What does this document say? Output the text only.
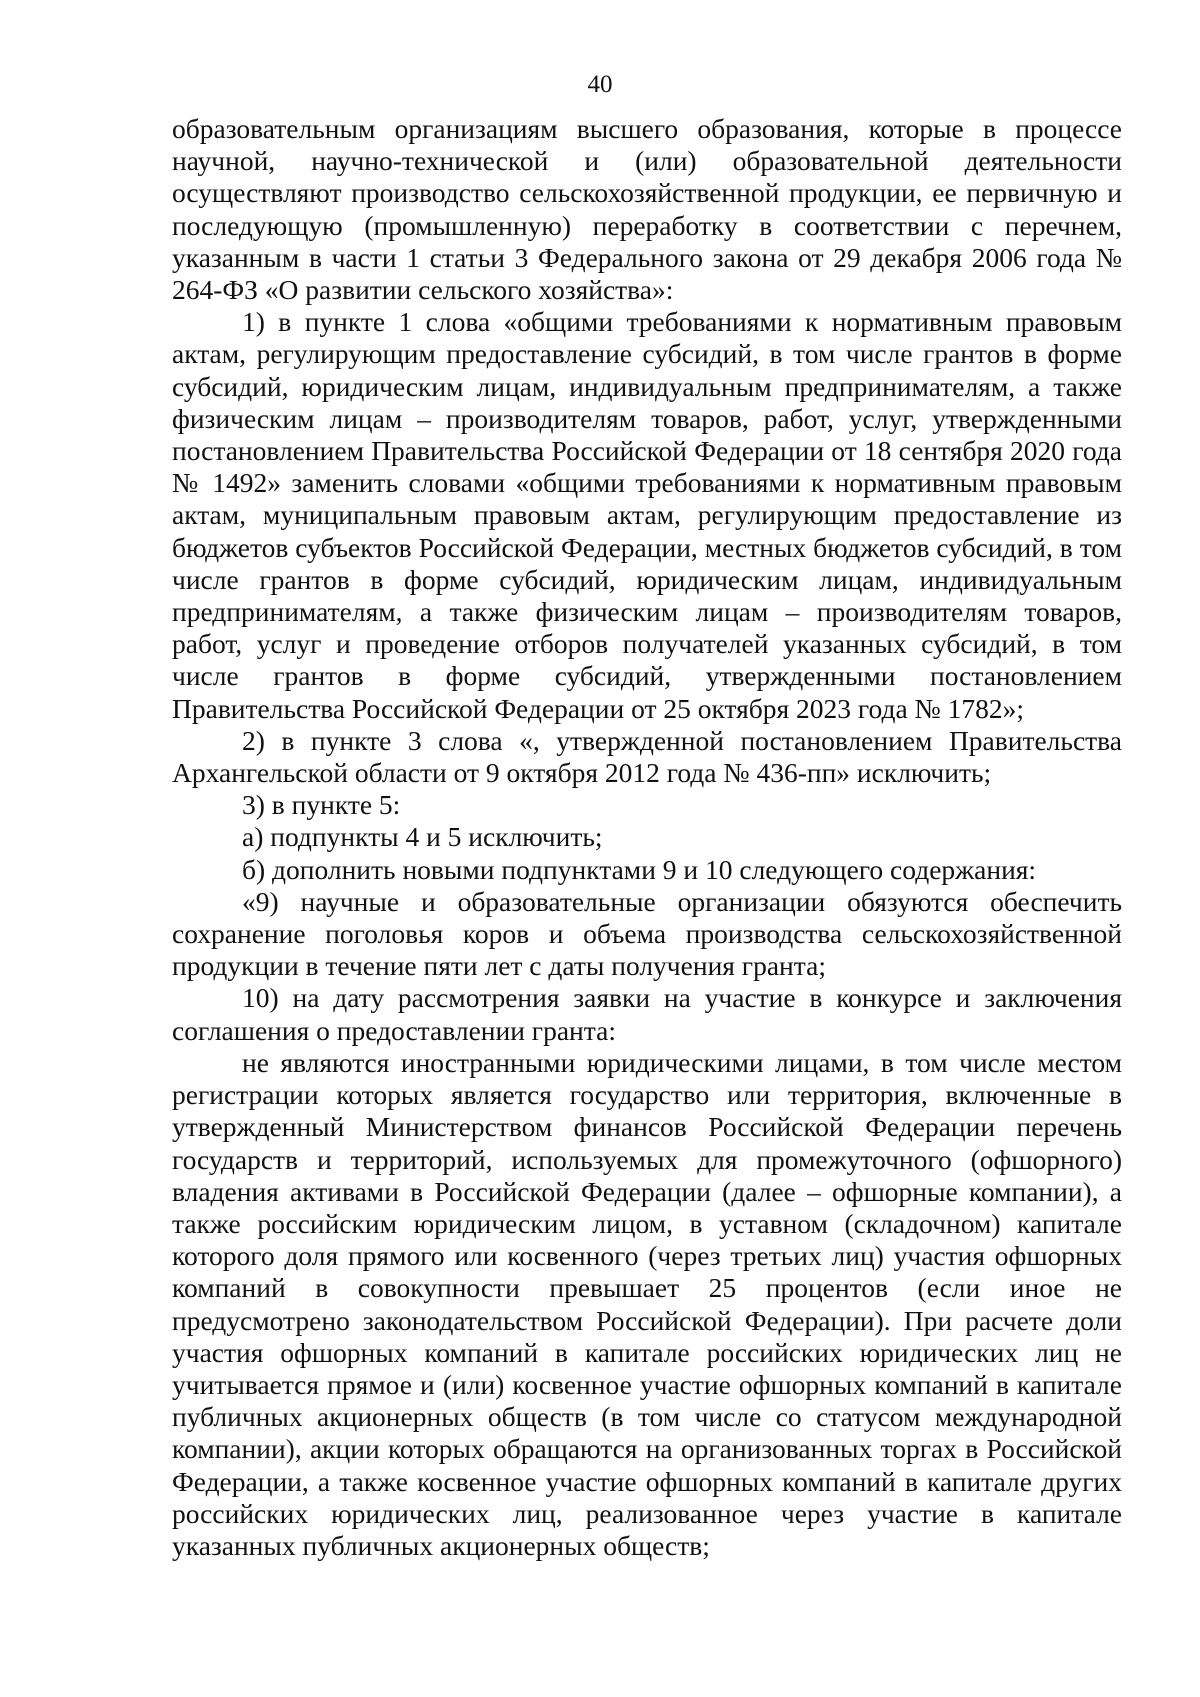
40

образовательным организациям высшего образования, которые в процессе научной, научно-технической и (или) образовательной деятельности осуществляют производство сельскохозяйственной продукции, ее первичную и последующую (промышленную) переработку в соответствии с перечнем, указанным в части 1 статьи 3 Федерального закона от 29 декабря 2006 года № 264-ФЗ «О развитии сельского хозяйства»:

1) в пункте 1 слова «общими требованиями к нормативным правовым актам, регулирующим предоставление субсидий, в том числе грантов в форме субсидий, юридическим лицам, индивидуальным предпринимателям, а также физическим лицам – производителям товаров, работ, услуг, утвержденными постановлением Правительства Российской Федерации от 18 сентября 2020 года № 1492» заменить словами «общими требованиями к нормативным правовым актам, муниципальным правовым актам, регулирующим предоставление из бюджетов субъектов Российской Федерации, местных бюджетов субсидий, в том числе грантов в форме субсидий, юридическим лицам, индивидуальным предпринимателям, а также физическим лицам – производителям товаров, работ, услуг и проведение отборов получателей указанных субсидий, в том числе грантов в форме субсидий, утвержденными постановлением Правительства Российской Федерации от 25 октября 2023 года № 1782»;

2) в пункте 3 слова «, утвержденной постановлением Правительства Архангельской области от 9 октября 2012 года № 436-пп» исключить;

3) в пункте 5:

а) подпункты 4 и 5 исключить;

б) дополнить новыми подпунктами 9 и 10 следующего содержания:

«9) научные и образовательные организации обязуются обеспечить сохранение поголовья коров и объема производства сельскохозяйственной продукции в течение пяти лет с даты получения гранта;

10) на дату рассмотрения заявки на участие в конкурсе и заключения соглашения о предоставлении гранта:

не являются иностранными юридическими лицами, в том числе местом регистрации которых является государство или территория, включенные в утвержденный Министерством финансов Российской Федерации перечень государств и территорий, используемых для промежуточного (офшорного) владения активами в Российской Федерации (далее – офшорные компании), а также российским юридическим лицом, в уставном (складочном) капитале которого доля прямого или косвенного (через третьих лиц) участия офшорных компаний в совокупности превышает 25 процентов (если иное не предусмотрено законодательством Российской Федерации). При расчете доли участия офшорных компаний в капитале российских юридических лиц не учитывается прямое и (или) косвенное участие офшорных компаний в капитале публичных акционерных обществ (в том числе со статусом международной компании), акции которых обращаются на организованных торгах в Российской Федерации, а также косвенное участие офшорных компаний в капитале других российских юридических лиц, реализованное через участие в капитале указанных публичных акционерных обществ;
